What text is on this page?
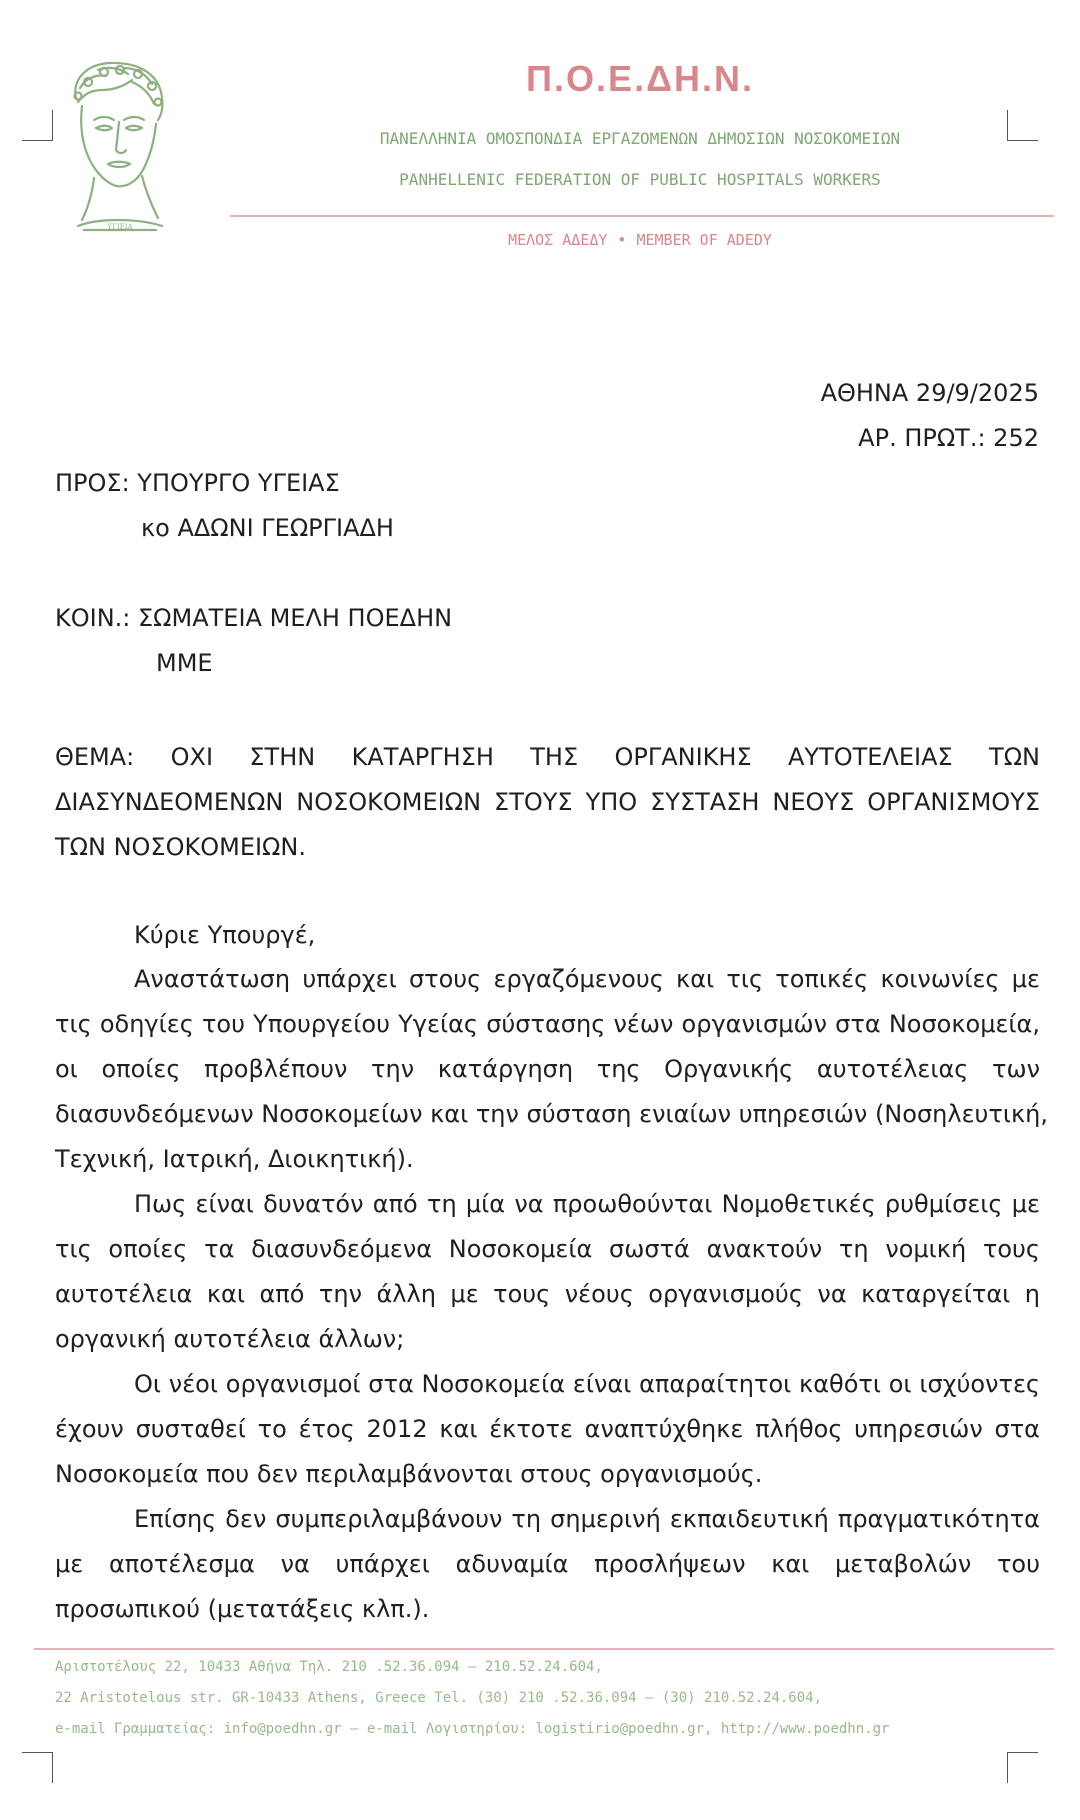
ΥΓΙΕΙΑ
Π.Ο.Ε.ΔΗ.Ν.
ΠΑΝΕΛΛΗΝΙΑ ΟΜΟΣΠΟΝΔΙΑ ΕΡΓΑΖΟΜΕΝΩΝ ΔΗΜΟΣΙΩΝ ΝΟΣΟΚΟΜΕΙΩΝ
PANHELLENIC FEDERATION OF PUBLIC HOSPITALS WORKERS
ΜΕΛΟΣ ΑΔΕΔΥ • MEMBER OF ADEDY
ΑΘΗΝΑ 29/9/2025
ΑΡ. ΠΡΩΤ.: 252
ΠΡΟΣ: ΥΠΟΥΡΓΟ ΥΓΕΙΑΣ
κο ΑΔΩΝΙ ΓΕΩΡΓΙΑΔΗ
ΚΟΙΝ.: ΣΩΜΑΤΕΙΑ ΜΕΛΗ ΠΟΕΔΗΝ
ΜΜΕ
ΘΕΜΑ: ΟΧΙ ΣΤΗΝ ΚΑΤΑΡΓΗΣΗ ΤΗΣ ΟΡΓΑΝΙΚΗΣ ΑΥΤΟΤΕΛΕΙΑΣ ΤΩΝ
ΔΙΑΣΥΝΔΕΟΜΕΝΩΝ ΝΟΣΟΚΟΜΕΙΩΝ ΣΤΟΥΣ ΥΠΟ ΣΥΣΤΑΣΗ ΝΕΟΥΣ ΟΡΓΑΝΙΣΜΟΥΣ
ΤΩΝ ΝΟΣΟΚΟΜΕΙΩΝ.
Κύριε Υπουργέ,
Αναστάτωση υπάρχει στους εργαζόμενους και τις τοπικές κοινωνίες με
τις οδηγίες του Υπουργείου Υγείας σύστασης νέων οργανισμών στα Νοσοκομεία,
οι οποίες προβλέπουν την κατάργηση της Οργανικής αυτοτέλειας των
διασυνδεόμενων Νοσοκομείων και την σύσταση ενιαίων υπηρεσιών (Νοσηλευτική,
Τεχνική, Ιατρική, Διοικητική).
Πως είναι δυνατόν από τη μία να προωθούνται Νομοθετικές ρυθμίσεις με
τις οποίες τα διασυνδεόμενα Νοσοκομεία σωστά ανακτούν τη νομική τους
αυτοτέλεια και από την άλλη με τους νέους οργανισμούς να καταργείται η
οργανική αυτοτέλεια άλλων;
Οι νέοι οργανισμοί στα Νοσοκομεία είναι απαραίτητοι καθότι οι ισχύοντες
έχουν συσταθεί το έτος 2012 και έκτοτε αναπτύχθηκε πλήθος υπηρεσιών στα
Νοσοκομεία που δεν περιλαμβάνονται στους οργανισμούς.
Επίσης δεν συμπεριλαμβάνουν τη σημερινή εκπαιδευτική πραγματικότητα
με αποτέλεσμα να υπάρχει αδυναμία προσλήψεων και μεταβολών του
προσωπικού (μετατάξεις κλπ.).
Αριστοτέλους 22, 10433 Αθήνα Τηλ. 210 .52.36.094 – 210.52.24.604,
22 Aristotelous str. GR-10433 Athens, Greece Tel. (30) 210 .52.36.094 – (30) 210.52.24.604,
e-mail Γραμματείας: info@poedhn.gr – e-mail Λογιστηρίου: logistirio@poedhn.gr, http://www.poedhn.gr
